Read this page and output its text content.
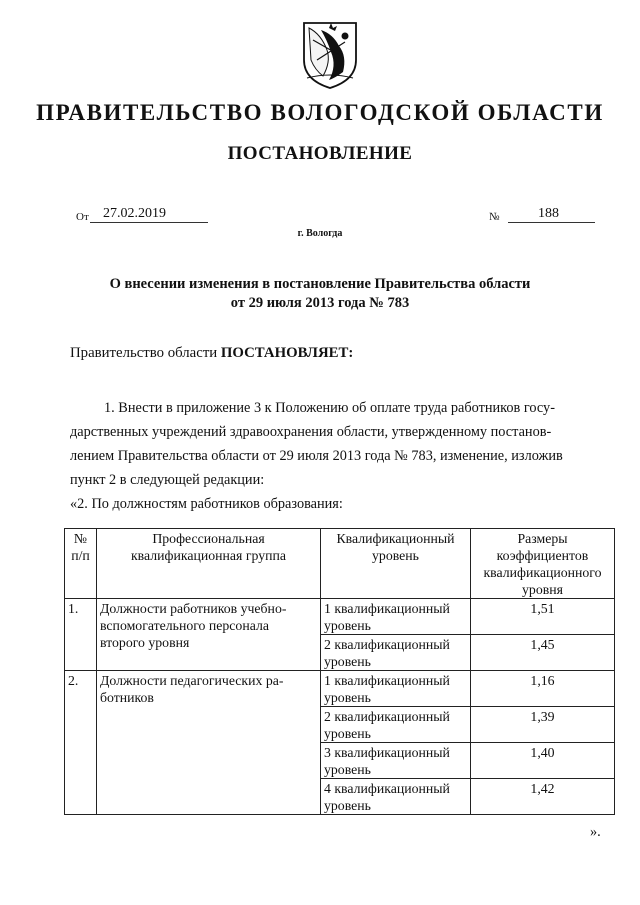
ПРАВИТЕЛЬСТВО ВОЛОГОДСКОЙ ОБЛАСТИ
ПОСТАНОВЛЕНИЕ
От	27.02.2019	№	188
г. Вологда
О внесении изменения в постановление Правительства области
от 29 июля 2013 года № 783
Правительство области ПОСТАНОВЛЯЕТ:
1. Внести в приложение 3 к Положению об оплате труда работников госу-
дарственных учреждений здравоохранения области, утвержденному постанов-
лением Правительства области от 29 июля 2013 года № 783, изменение, изложив
пункт 2 в следующей редакции:
«2. По должностям работников образования:
№ п/п	Профессиональная квалификационная группа	Квалификационный уровень	Размеры коэффициентов квалификационного уровня
1.	Должности работников учебно-вспомогательного персонала второго уровня	1 квалификационный уровень	1,51
		2 квалификационный уровень	1,45
2.	Должности педагогических ра-ботников	1 квалификационный уровень	1,16
		2 квалификационный уровень	1,39
		3 квалификационный уровень	1,40
		4 квалификационный уровень	1,42
».
